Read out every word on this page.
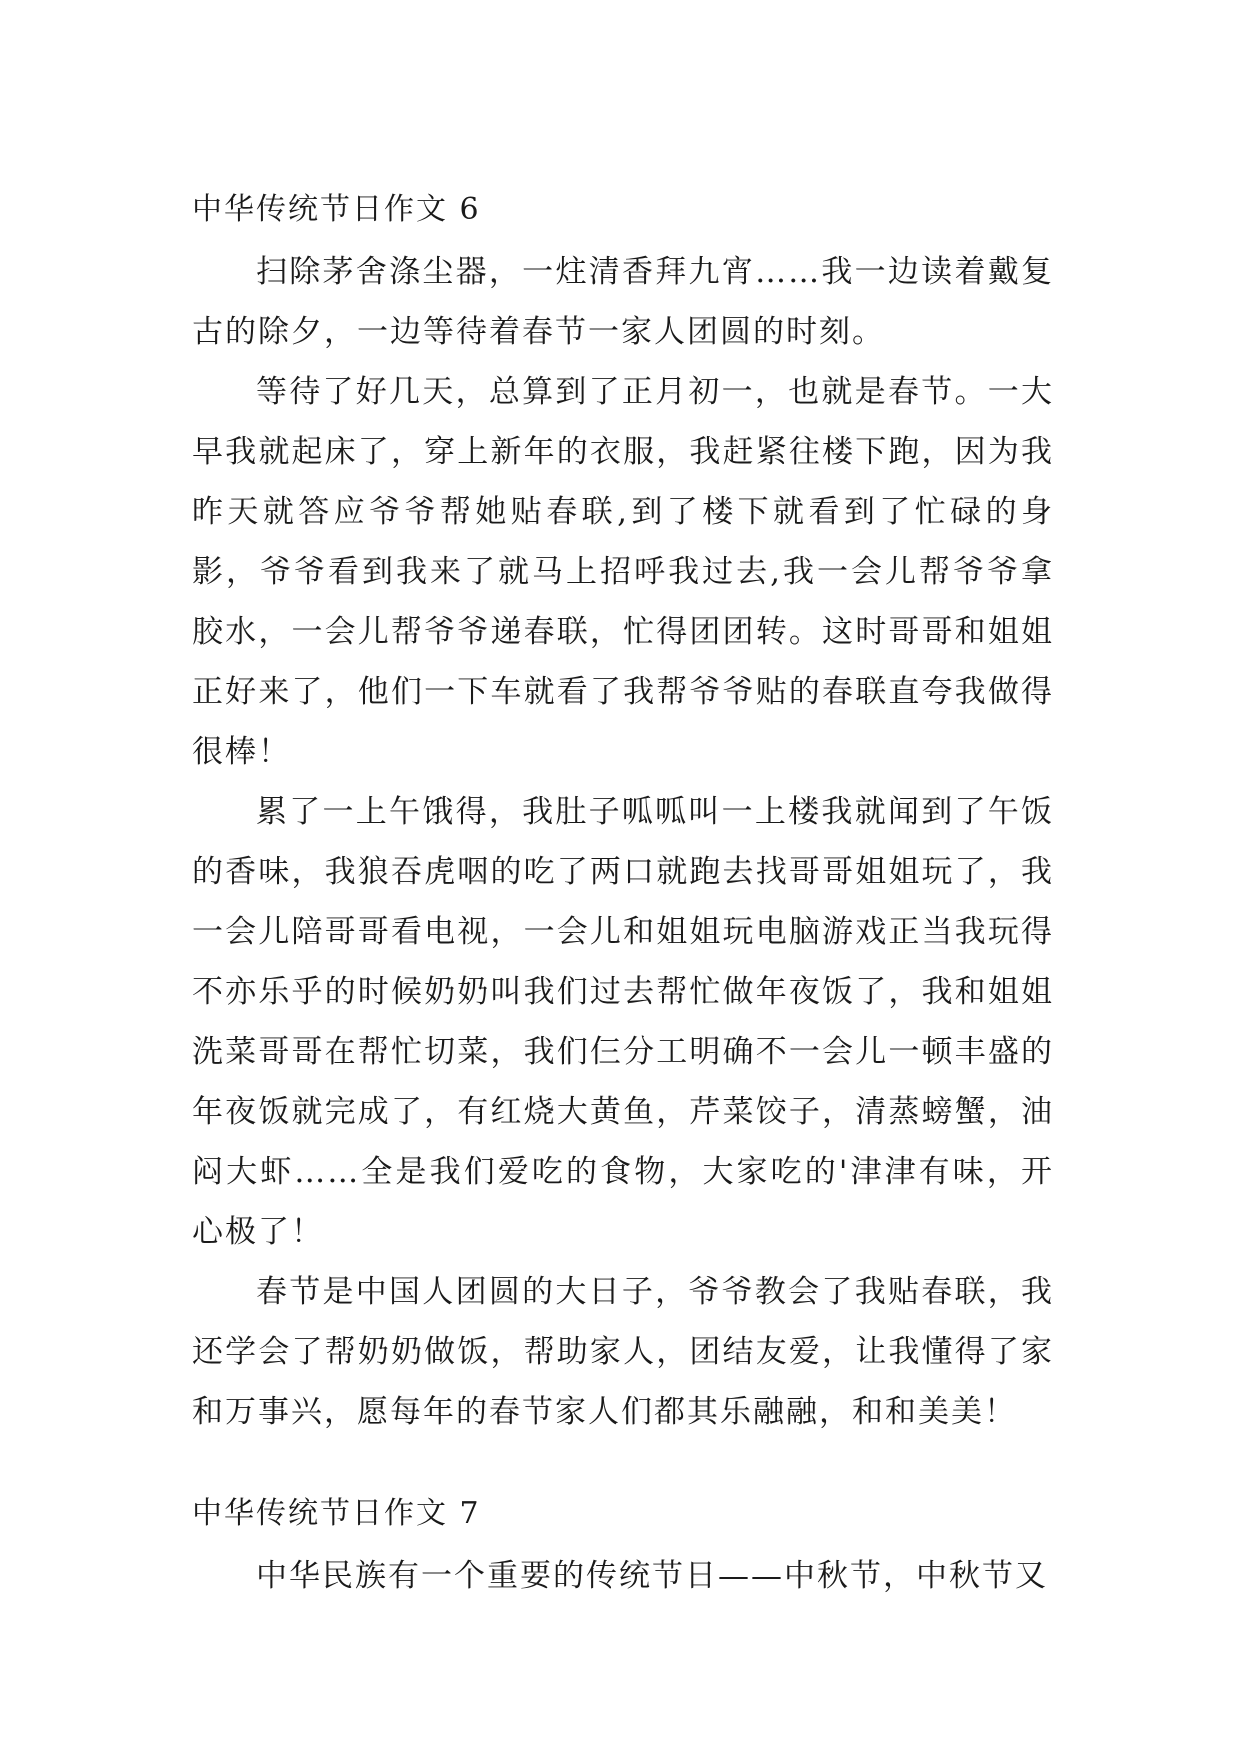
中华传统节日作文 6

扫除茅舍涤尘器，一炷清香拜九宵……我一边读着戴复古的除夕，一边等待着春节一家人团圆的时刻。

等待了好几天，总算到了正月初一，也就是春节。一大早我就起床了，穿上新年的衣服，我赶紧往楼下跑，因为我昨天就答应爷爷帮她贴春联,到了楼下就看到了忙碌的身影，爷爷看到我来了就马上招呼我过去,我一会儿帮爷爷拿胶水，一会儿帮爷爷递春联，忙得团团转。这时哥哥和姐姐正好来了，他们一下车就看了我帮爷爷贴的春联直夸我做得很棒！

累了一上午饿得，我肚子呱呱叫一上楼我就闻到了午饭的香味，我狼吞虎咽的吃了两口就跑去找哥哥姐姐玩了，我一会儿陪哥哥看电视，一会儿和姐姐玩电脑游戏正当我玩得不亦乐乎的时候奶奶叫我们过去帮忙做年夜饭了，我和姐姐洗菜哥哥在帮忙切菜，我们仨分工明确不一会儿一顿丰盛的年夜饭就完成了，有红烧大黄鱼，芹菜饺子，清蒸螃蟹，油闷大虾……全是我们爱吃的食物，大家吃的'津津有味，开心极了！

春节是中国人团圆的大日子，爷爷教会了我贴春联，我还学会了帮奶奶做饭，帮助家人，团结友爱，让我懂得了家和万事兴，愿每年的春节家人们都其乐融融，和和美美！

中华传统节日作文 7

中华民族有一个重要的传统节日——中秋节，中秋节又
